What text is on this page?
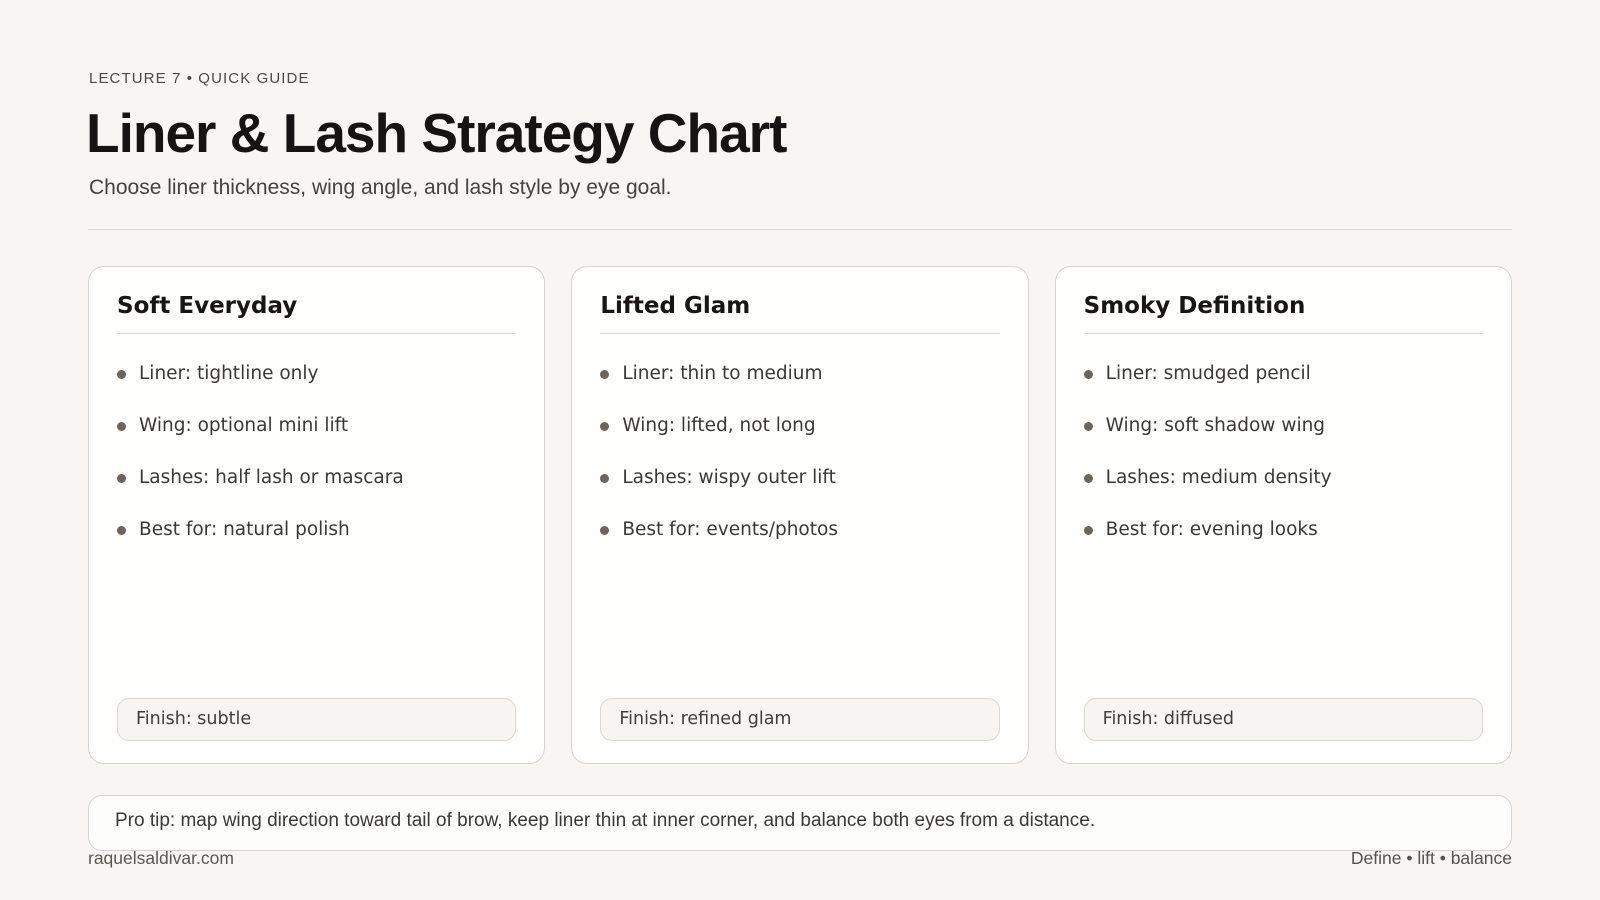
LECTURE 7 • QUICK GUIDE
Liner & Lash Strategy Chart
Choose liner thickness, wing angle, and lash style by eye goal.
Soft Everyday
Liner: tightline only
Wing: optional mini lift
Lashes: half lash or mascara
Best for: natural polish
Finish: subtle
Lifted Glam
Liner: thin to medium
Wing: lifted, not long
Lashes: wispy outer lift
Best for: events/photos
Finish: refined glam
Smoky Definition
Liner: smudged pencil
Wing: soft shadow wing
Lashes: medium density
Best for: evening looks
Finish: diffused
Pro tip: map wing direction toward tail of brow, keep liner thin at inner corner, and balance both eyes from a distance.
raquelsaldivar.com	Define • lift • balance
